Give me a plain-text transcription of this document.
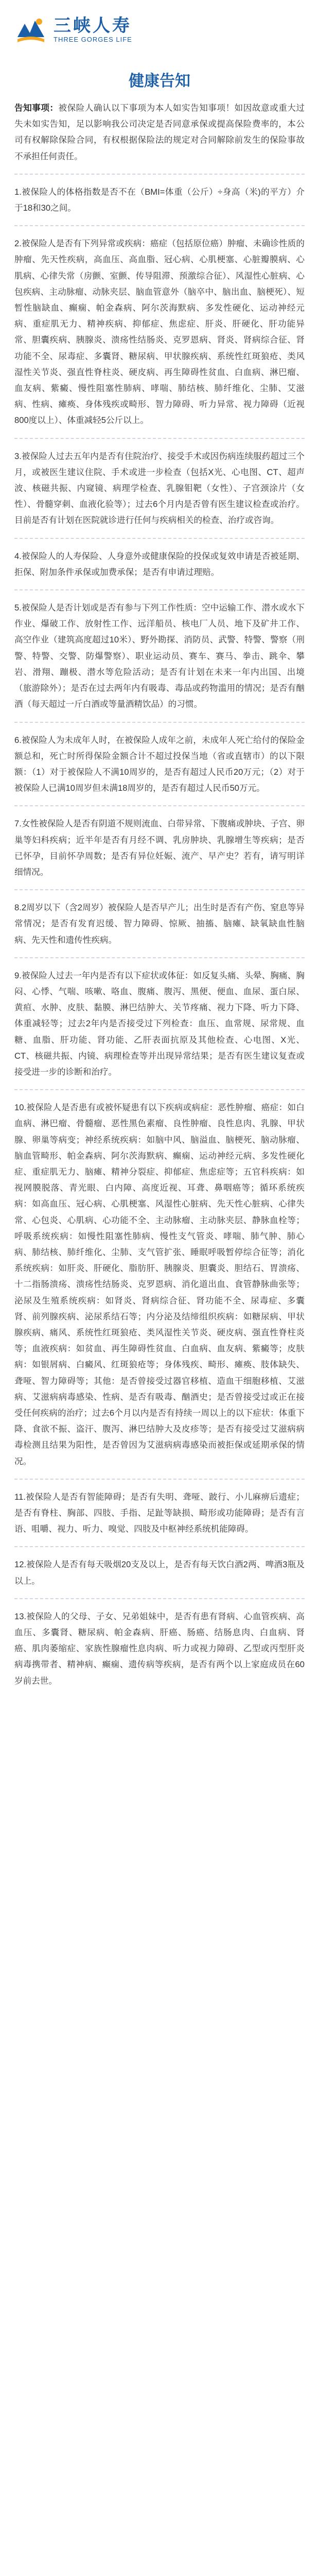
三峡人寿
THREE GORGES LIFE
健康告知

告知事项：被保险人确认以下事项为本人如实告知事项！如因故意或重大过失未如实告知，足以影响我公司决定是否同意承保或提高保险费率的，本公司有权解除保险合同，有权根据保险法的规定对合同解除前发生的保险事故不承担任何责任。

1.被保险人的体格指数是否不在（BMI=体重（公斤）÷身高（米)的平方）介于18和30之间。

2.被保险人是否有下列异常或疾病：癌症（包括原位癌）肿瘤、未确诊性质的肿瘤、先天性疾病，高血压、高血脂、冠心病、心肌梗塞、心脏瓣膜病、心肌病、心律失常（房颤、室颤、传导阻滞、预激综合征）、风湿性心脏病、心包疾病、主动脉瘤、动脉夹层、脑血管意外（脑卒中、脑出血、脑梗死）、短暂性脑缺血、癫痫、帕金森病、阿尔茨海默病、多发性硬化、运动神经元病、重症肌无力、精神疾病、抑郁症、焦虑症、肝炎、肝硬化、肝功能异常、胆囊疾病、胰腺炎、溃疡性结肠炎、克罗恩病、肾炎、肾病综合征、肾功能不全、尿毒症、多囊肾、糖尿病、甲状腺疾病、系统性红斑狼疮、类风湿性关节炎、强直性脊柱炎、硬皮病、再生障碍性贫血、白血病、淋巴瘤、血友病、紫癜、慢性阻塞性肺病、哮喘、肺结核、肺纤维化、尘肺、艾滋病、性病、瘫痪、身体残疾或畸形、智力障碍、听力异常、视力障碍（近视800度以上）、体重减轻5公斤以上。

3.被保险人过去五年内是否有住院治疗、接受手术或因伤病连续服药超过三个月，或被医生建议住院、手术或进一步检查（包括X光、心电图、CT、超声波、核磁共振、内窥镜、病理学检查、乳腺钼靶（女性）、子宫颈涂片（女性）、骨髓穿刺、血液化验等）；过去6个月内是否曾有医生建议检查或治疗。目前是否有计划在医院就诊进行任何与疾病相关的检查、治疗或咨询。

4.被保险人的人寿保险、人身意外或健康保险的投保或复效申请是否被延期、拒保、附加条件承保或加费承保；是否有申请过理赔。

5.被保险人是否计划或是否有参与下列工作性质：空中运输工作、潜水或水下作业、爆破工作、放射性工作、远洋船员、核电厂人员、地下及矿井工作、高空作业（建筑高度超过10米）、野外勘探、消防员、武警、特警、警察（刑警、特警、交警、防爆警察）、职业运动员、赛车、赛马、拳击、跳伞、攀岩、滑翔、蹦极、潜水等危险活动；是否有计划在未来一年内出国、出境（旅游除外）；是否在过去两年内有吸毒、毒品或药物滥用的情况；是否有酗酒（每天超过一斤白酒或等量酒精饮品）的习惯。

6.被保险人为未成年人时，在被保险人成年之前，未成年人死亡给付的保险金额总和，死亡时所得保险金额合计不超过投保当地（省或直辖市）的以下限额：（1）对于被保险人不满10周岁的，是否有超过人民币20万元；（2）对于被保险人已满10周岁但未满18周岁的，是否有超过人民币50万元。

7.女性被保险人是否有阴道不规则流血、白带异常、下腹痛或肿块、子宫、卵巢等妇科疾病；近半年是否有月经不调、乳房肿块、乳腺增生等疾病；是否已怀孕，目前怀孕周数；是否有异位妊娠、流产、早产史？若有，请写明详细情况。

8.2周岁以下（含2周岁）被保险人是否早产儿；出生时是否有产伤、窒息等异常情况；是否有发育迟缓、智力障碍、惊厥、抽搐、脑瘫、缺氧缺血性脑病、先天性和遗传性疾病。

9.被保险人过去一年内是否有以下症状或体征：如反复头痛、头晕、胸痛、胸闷、心悸、气喘、咳嗽、咯血、腹痛、腹泻、黑便、便血、血尿、蛋白尿、黄疸、水肿、皮肤、黏膜、淋巴结肿大、关节疼痛、视力下降、听力下降、体重减轻等；过去2年内是否接受过下列检查：血压、血常规、尿常规、血糖、血脂、肝功能、肾功能、乙肝表面抗原及其他检查、心电图、X光、CT、核磁共振、内镜、病理检查等并出现异常结果；是否有医生建议复查或接受进一步的诊断和治疗。

10.被保险人是否患有或被怀疑患有以下疾病或病症：恶性肿瘤、癌症：如白血病、淋巴瘤、骨髓瘤、恶性黑色素瘤、良性肿瘤、良性息肉、乳腺、甲状腺、卵巢等病变；神经系统疾病：如脑中风、脑溢血、脑梗死、脑动脉瘤、脑血管畸形、帕金森病、阿尔茨海默病、癫痫、运动神经元病、多发性硬化症、重症肌无力、脑瘫、精神分裂症、抑郁症、焦虑症等；五官科疾病：如视网膜脱落、青光眼、白内障、高度近视、耳聋、鼻咽癌等；循环系统疾病：如高血压、冠心病、心肌梗塞、风湿性心脏病、先天性心脏病、心律失常、心包炎、心肌病、心功能不全、主动脉瘤、主动脉夹层、静脉血栓等；呼吸系统疾病：如慢性阻塞性肺病、慢性支气管炎、哮喘、肺气肿、肺心病、肺结核、肺纤维化、尘肺、支气管扩张、睡眠呼吸暂停综合征等；消化系统疾病：如肝炎、肝硬化、脂肪肝、胰腺炎、胆囊炎、胆结石、胃溃疡、十二指肠溃疡、溃疡性结肠炎、克罗恩病、消化道出血、食管静脉曲张等；泌尿及生殖系统疾病：如肾炎、肾病综合征、肾功能不全、尿毒症、多囊肾、前列腺疾病、泌尿系结石等；内分泌及结缔组织疾病：如糖尿病、甲状腺疾病、痛风、系统性红斑狼疮、类风湿性关节炎、硬皮病、强直性脊柱炎等；血液疾病：如贫血、再生障碍性贫血、白血病、血友病、紫癜等；皮肤病：如银屑病、白癜风、红斑狼疮等；身体残疾、畸形、瘫痪、肢体缺失、聋哑、智力障碍等；其他：是否曾接受过器官移植、造血干细胞移植、艾滋病、艾滋病病毒感染、性病、是否有吸毒、酗酒史；是否曾接受过或正在接受任何疾病的治疗；过去6个月以内是否有持续一周以上的以下症状：体重下降、食欲不振、盗汗、腹泻、淋巴结肿大及皮疹等；是否有接受过艾滋病病毒检测且结果为阳性，是否曾因为艾滋病病毒感染而被拒保或延期承保的情况。

11.被保险人是否有智能障碍；是否有失明、聋哑、跛行、小儿麻痹后遗症；是否有脊柱、胸部、四肢、手指、足趾等缺损、畸形或功能障碍；是否有言语、咀嚼、视力、听力、嗅觉、四肢及中枢神经系统机能障碍。

12.被保险人是否有每天吸烟20支及以上，是否有每天饮白酒2两、啤酒3瓶及以上。

13.被保险人的父母、子女、兄弟姐妹中，是否有患有肾病、心血管疾病、高血压、多囊肾、糖尿病、帕金森病、肝癌、肠癌、结肠息肉、白血病、肾癌、肌肉萎缩症、家族性腺瘤性息肉病、听力或视力障碍、乙型或丙型肝炎病毒携带者、精神病、癫痫、遗传病等疾病，是否有两个以上家庭成员在60岁前去世。
